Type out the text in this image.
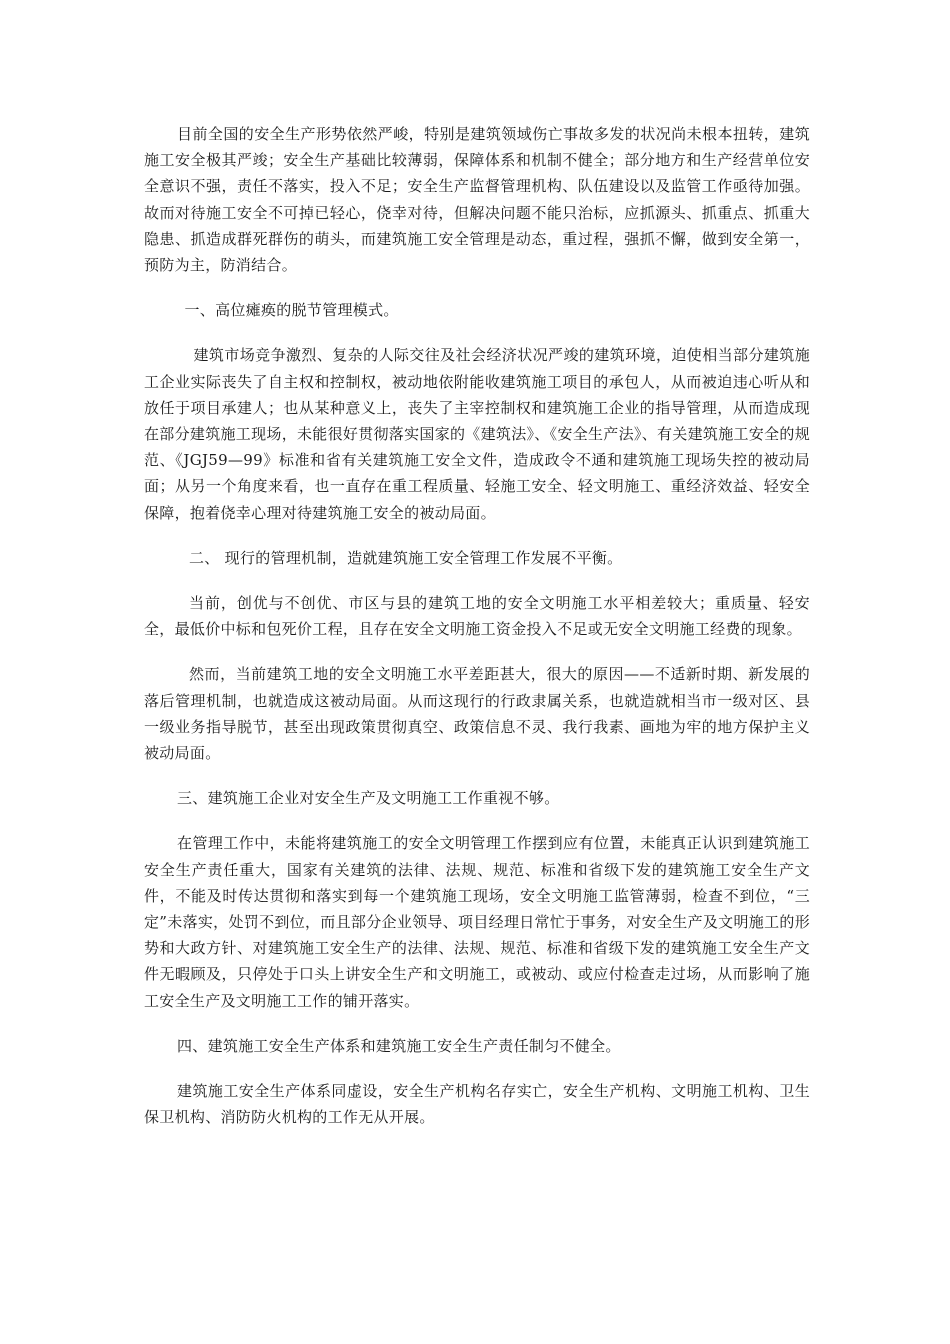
目前全国的安全生产形势依然严峻，特别是建筑领域伤亡事故多发的状况尚未根本扭转，建筑施工安全极其严竣；安全生产基础比较薄弱，保障体系和机制不健全；部分地方和生产经营单位安全意识不强，责任不落实，投入不足；安全生产监督管理机构、队伍建设以及监管工作亟待加强。故而对待施工安全不可掉已轻心，侥幸对待，但解决问题不能只治标，应抓源头、抓重点、抓重大隐患、抓造成群死群伤的萌头，而建筑施工安全管理是动态，重过程，强抓不懈，做到安全第一，预防为主，防消结合。

一、高位瘫痪的脱节管理模式。

建筑市场竞争激烈、复杂的人际交往及社会经济状况严竣的建筑环境，迫使相当部分建筑施工企业实际丧失了自主权和控制权，被动地依附能收建筑施工项目的承包人，从而被迫违心听从和放任于项目承建人；也从某种意义上，丧失了主宰控制权和建筑施工企业的指导管理，从而造成现在部分建筑施工现场，未能很好贯彻落实国家的《建筑法》、《安全生产法》、有关建筑施工安全的规范、《JGJ59—99》标准和省有关建筑施工安全文件，造成政令不通和建筑施工现场失控的被动局面；从另一个角度来看，也一直存在重工程质量、轻施工安全、轻文明施工、重经济效益、轻安全保障，抱着侥幸心理对待建筑施工安全的被动局面。

二、 现行的管理机制，造就建筑施工安全管理工作发展不平衡。

当前，创优与不创优、市区与县的建筑工地的安全文明施工水平相差较大；重质量、轻安全，最低价中标和包死价工程，且存在安全文明施工资金投入不足或无安全文明施工经费的现象。

然而，当前建筑工地的安全文明施工水平差距甚大，很大的原因——不适新时期、新发展的落后管理机制，也就造成这被动局面。从而这现行的行政隶属关系，也就造就相当市一级对区、县一级业务指导脱节，甚至出现政策贯彻真空、政策信息不灵、我行我素、画地为牢的地方保护主义被动局面。

三、建筑施工企业对安全生产及文明施工工作重视不够。

在管理工作中，未能将建筑施工的安全文明管理工作摆到应有位置，未能真正认识到建筑施工安全生产责任重大，国家有关建筑的法律、法规、规范、标准和省级下发的建筑施工安全生产文件，不能及时传达贯彻和落实到每一个建筑施工现场，安全文明施工监管薄弱，检查不到位，“三定”未落实，处罚不到位，而且部分企业领导、项目经理日常忙于事务，对安全生产及文明施工的形势和大政方针、对建筑施工安全生产的法律、法规、规范、标准和省级下发的建筑施工安全生产文件无暇顾及，只停处于口头上讲安全生产和文明施工，或被动、或应付检查走过场，从而影响了施工安全生产及文明施工工作的铺开落实。

四、建筑施工安全生产体系和建筑施工安全生产责任制匀不健全。

建筑施工安全生产体系同虚设，安全生产机构名存实亡，安全生产机构、文明施工机构、卫生保卫机构、消防防火机构的工作无从开展。
